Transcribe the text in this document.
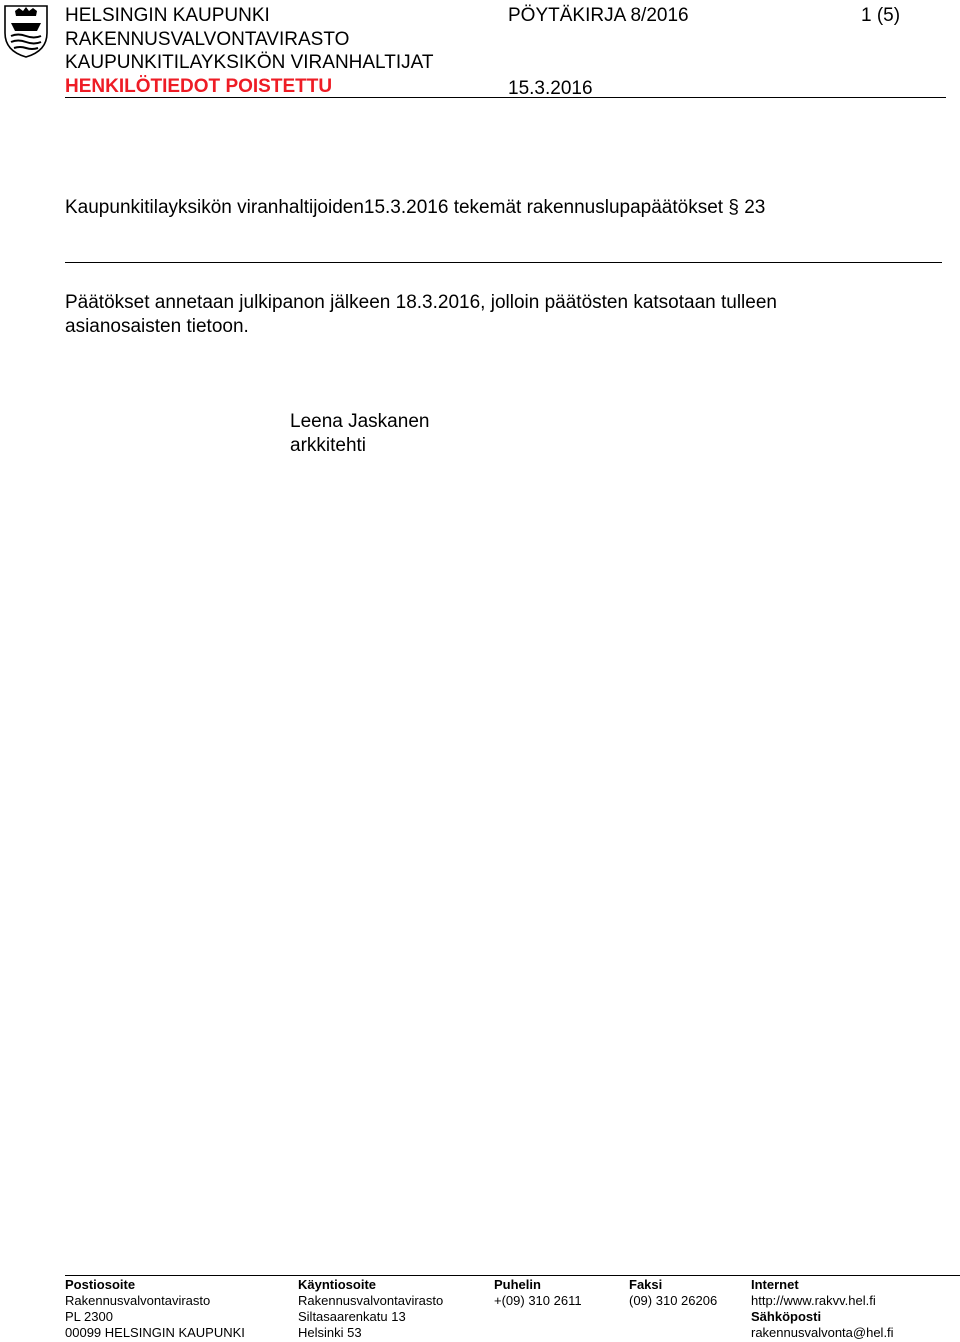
HELSINGIN KAUPUNKI
RAKENNUSVALVONTAVIRASTO
KAUPUNKITILAYKSIKÖN VIRANHALTIJAT
HENKILÖTIEDOT POISTETTU
PÖYTÄKIRJA 8/2016	1 (5)
15.3.2016
Kaupunkitilayksikön viranhaltijoiden15.3.2016 tekemät rakennuslupapäätökset § 23
Päätökset annetaan julkipanon jälkeen 18.3.2016, jolloin päätösten katsotaan tulleen
asianosaisten tietoon.
Leena Jaskanen
arkkitehti
Postiosoite
Rakennusvalvontavirasto
PL 2300
00099 HELSINGIN KAUPUNKI
Käyntiosoite
Rakennusvalvontavirasto
Siltasaarenkatu 13
Helsinki 53
Puhelin
+(09) 310 2611
Faksi
(09) 310 26206
Internet
http://www.rakvv.hel.fi
Sähköposti
rakennusvalvonta@hel.fi
